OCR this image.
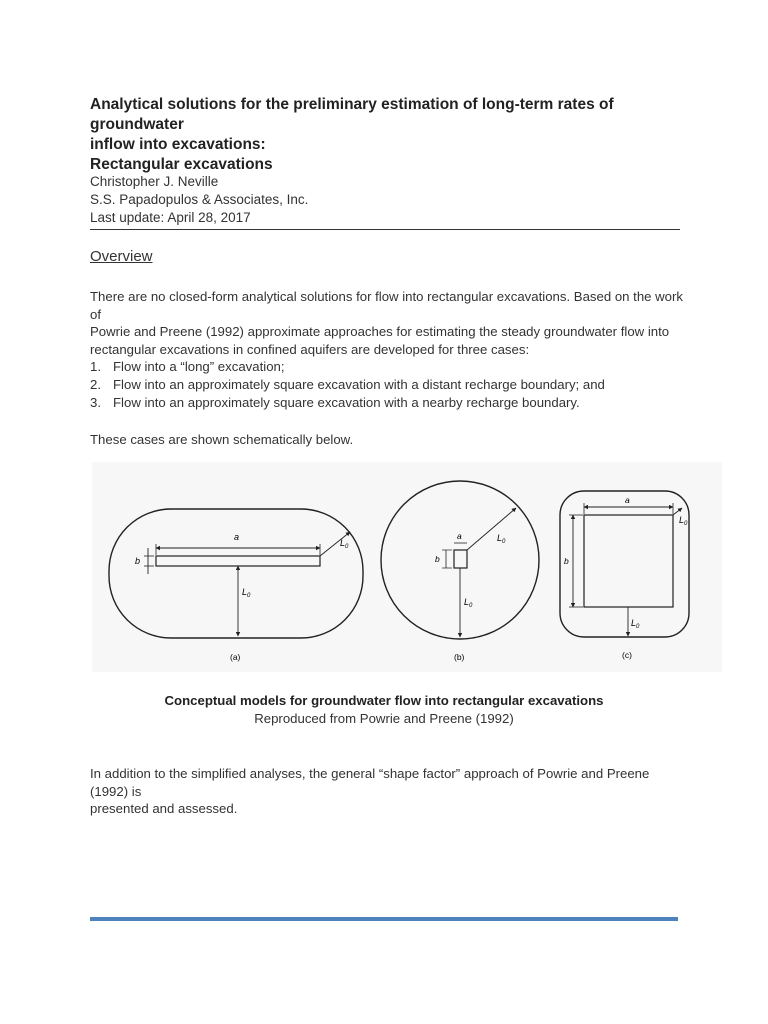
Analytical solutions for the preliminary estimation of long-term rates of groundwater
inflow into excavations:
Rectangular excavations
Christopher J. Neville
S.S. Papadopulos & Associates, Inc.
Last update: April 28, 2017
Overview

There are no closed-form analytical solutions for flow into rectangular excavations. Based on the work of
Powrie and Preene (1992) approximate approaches for estimating the steady groundwater flow into
rectangular excavations in confined aquifers are developed for three cases:

1. Flow into a “long” excavation;
2. Flow into an approximately square excavation with a distant recharge boundary; and
3. Flow into an approximately square excavation with a nearby recharge boundary.

These cases are shown schematically below.

a
b
$L_0$
$L_0$
(a)
a
b
$L_0$
$L_0$
(b)
a
b
$L_0$
$L_0$
(c)
Conceptual models for groundwater flow into rectangular excavations
Reproduced from Powrie and Preene (1992)

In addition to the simplified analyses, the general “shape factor” approach of Powrie and Preene (1992) is
presented and assessed.
